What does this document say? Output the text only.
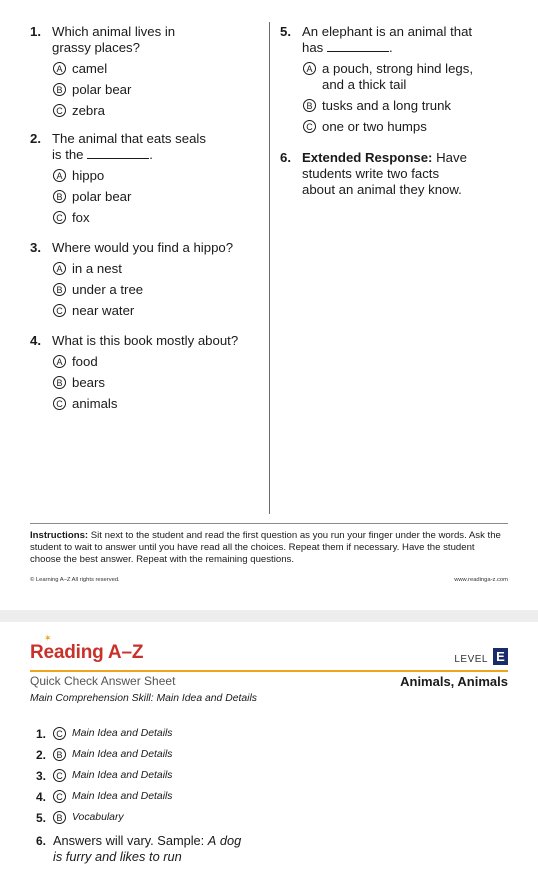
1. Which animal lives in
grassy places?
A camel
B polar bear
C zebra
2. The animal that eats seals
is the	.
A hippo
B polar bear
C fox
3. Where would you find a hippo?
A in a nest
B under a tree
C near water
4. What is this book mostly about?
A food
B bears
C animals
5. An elephant is an animal that
has	.
A a pouch, strong hind legs,
and a thick tail
B tusks and a long trunk
C one or two humps
6. Extended Response: Have
students write two facts
about an animal they know.
Instructions: Sit next to the student and read the first question as you run your finger under the words. Ask the student to wait to answer until you have read all the choices. Repeat them if necessary. Have the student choose the best answer. Repeat with the remaining questions.
© Learning A–Z All rights reserved.	www.readinga-z.com
✶
Reading A–Z	LEVEL E
Quick Check Answer Sheet	Animals, Animals
Main Comprehension Skill: Main Idea and Details
1.	C Main Idea and Details
2.	B Main Idea and Details
3.	C Main Idea and Details
4.	C Main Idea and Details
5.	B Vocabulary
6. Answers will vary. Sample: A dog is furry and likes to run
